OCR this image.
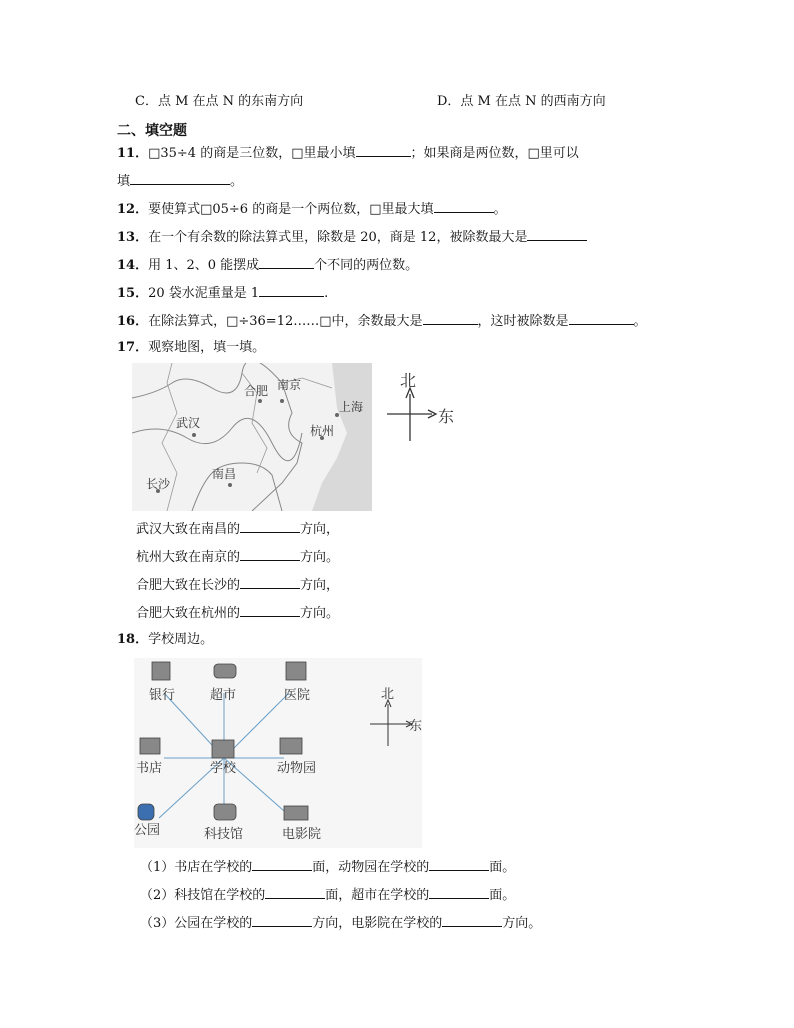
C．点 M 在点 N 的东南方向	D．点 M 在点 N 的西南方向
二、填空题
11．□35÷4 的商是三位数，□里最小填	；如果商是两位数，□里可以
填	。
12．要使算式□05÷6 的商是一个两位数，□里最大填	。
13．在一个有余数的除法算式里，除数是 20，商是 12，被除数最大是
14．用 1、2、0 能摆成	个不同的两位数。
15．20 袋水泥重量是 1	.
16．在除法算式，□÷36=12……□中，余数最大是	，这时被除数是	。
17．观察地图，填一填。
合肥 南京
上海
武汉
杭州
南昌
长沙
北
东
武汉大致在南昌的	方向，
杭州大致在南京的	方向。
合肥大致在长沙的	方向，
合肥大致在杭州的	方向。
18．学校周边。
银行	超市	医院
书店	学校	动物园
公园	科技馆	电影院
北
东
（1）书店在学校的	面，动物园在学校的	面。
（2）科技馆在学校的	面，超市在学校的	面。
（3）公园在学校的	方向，电影院在学校的	方向。
